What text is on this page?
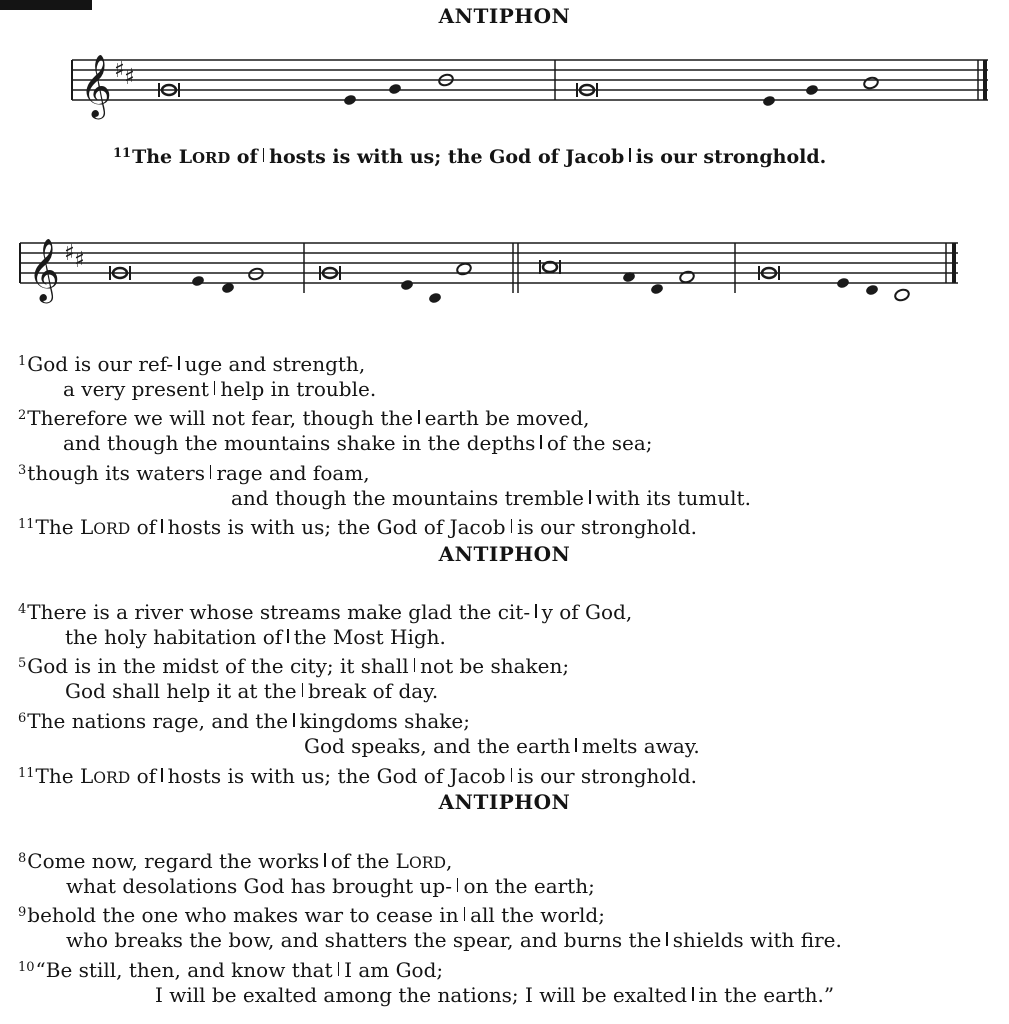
ANTIPHON
𝄞 ♯ ♯
$^{11}$The LORD of hosts is with us; the God of Jacob is our stronghold.
𝄞 ♯ ♯
$^1$God is our ref- uge and strength,
a very present help in trouble.
$^2$Therefore we will not fear, though the earth be moved,
and though the mountains shake in the depths of the sea;
$^3$though its waters rage and foam,
and though the mountains tremble with its tumult.
$^{11}$The LORD of hosts is with us; the God of Jacob is our stronghold.
ANTIPHON
$^4$There is a river whose streams make glad the cit- y of God,
the holy habitation of the Most High.
$^5$God is in the midst of the city; it shall not be shaken;
God shall help it at the break of day.
$^6$The nations rage, and the kingdoms shake;
God speaks, and the earth melts away.
$^{11}$The LORD of hosts is with us; the God of Jacob is our stronghold.
ANTIPHON
$^8$Come now, regard the works of the LORD,
what desolations God has brought up- on the earth;
$^9$behold the one who makes war to cease in all the world;
who breaks the bow, and shatters the spear, and burns the shields with fire.
$^{10}$“Be still, then, and know that I am God;
I will be exalted among the nations; I will be exalted in the earth.”
